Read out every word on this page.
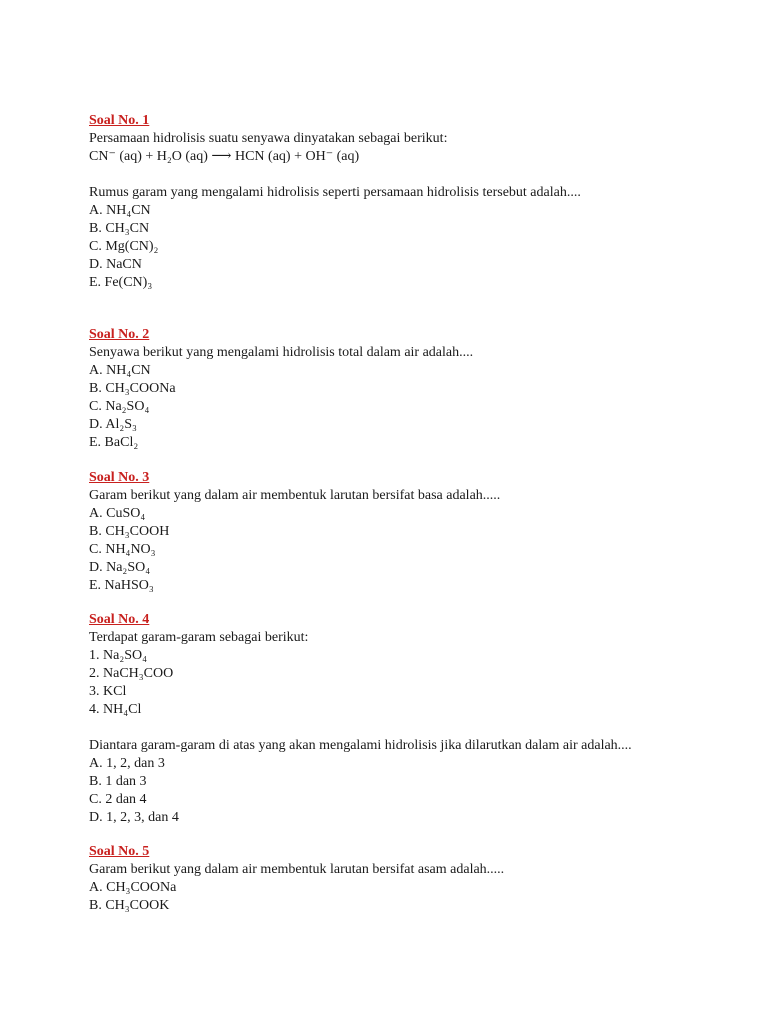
Soal No. 1
Persamaan hidrolisis suatu senyawa dinyatakan sebagai berikut:
CN⁻ (aq) + H₂O (aq) ⟶ HCN (aq) + OH⁻ (aq)
Rumus garam yang mengalami hidrolisis seperti persamaan hidrolisis tersebut adalah....
A. NH₄CN
B. CH₃CN
C. Mg(CN)₂
D. NaCN
E. Fe(CN)₃
Soal No. 2
Senyawa berikut yang mengalami hidrolisis total dalam air adalah....
A. NH₄CN
B. CH₃COONa
C. Na₂SO₄
D. Al₂S₃
E. BaCl₂
Soal No. 3
Garam berikut yang dalam air membentuk larutan bersifat basa adalah.....
A. CuSO₄
B. CH₃COOH
C. NH₄NO₃
D. Na₂SO₄
E. NaHSO₃
Soal No. 4
Terdapat garam-garam sebagai berikut:
1. Na₂SO₄
2. NaCH₃COO
3. KCl
4. NH₄Cl
Diantara garam-garam di atas yang akan mengalami hidrolisis jika dilarutkan dalam air adalah....
A. 1, 2, dan 3
B. 1 dan 3
C. 2 dan 4
D. 1, 2, 3, dan 4
Soal No. 5
Garam berikut yang dalam air membentuk larutan bersifat asam adalah.....
A. CH₃COONa
B. CH₃COOK
